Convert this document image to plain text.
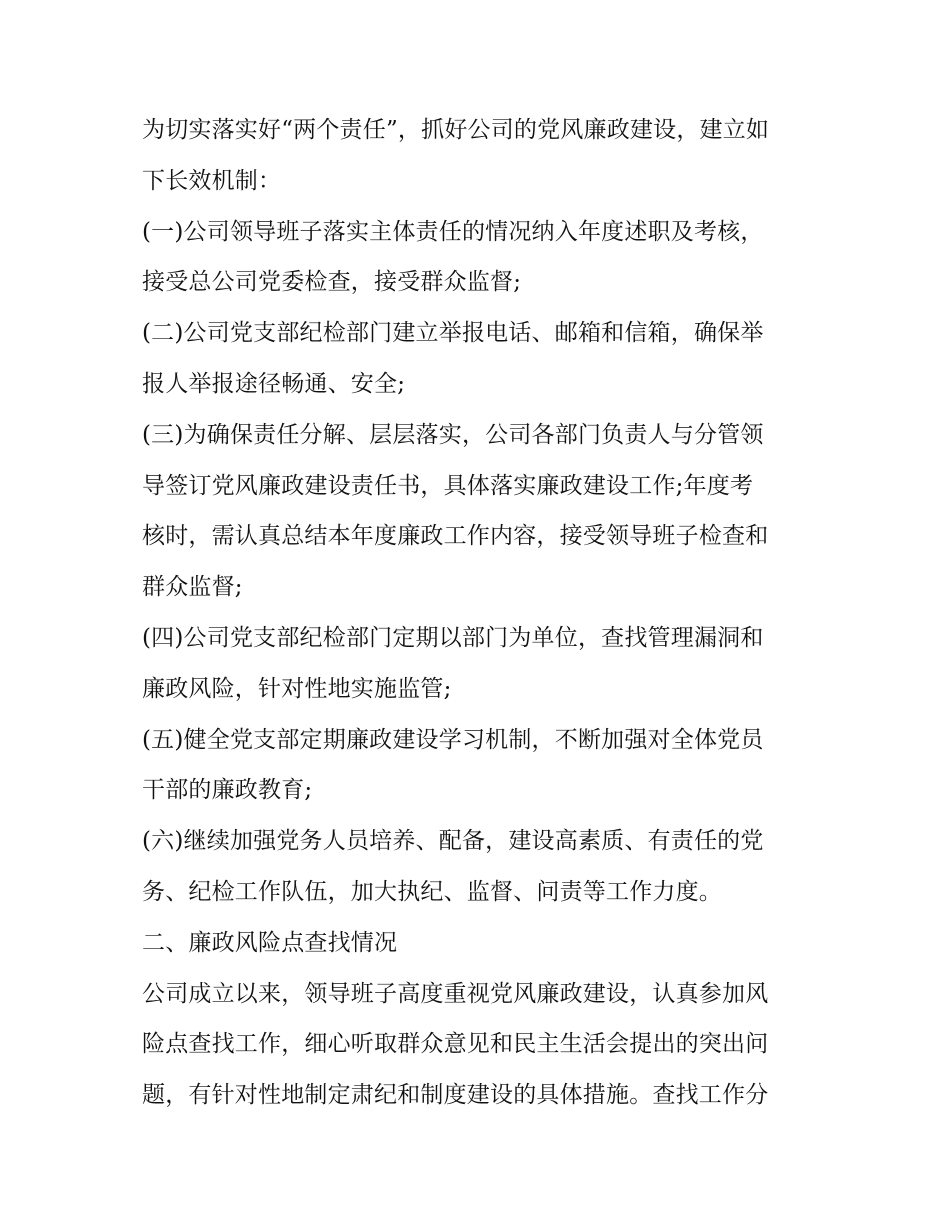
为切实落实好“两个责任”，抓好公司的党风廉政建设，建立如
下长效机制：
(一)公司领导班子落实主体责任的情况纳入年度述职及考核，
接受总公司党委检查，接受群众监督;
(二)公司党支部纪检部门建立举报电话、邮箱和信箱，确保举
报人举报途径畅通、安全;
(三)为确保责任分解、层层落实，公司各部门负责人与分管领
导签订党风廉政建设责任书，具体落实廉政建设工作;年度考
核时，需认真总结本年度廉政工作内容，接受领导班子检查和
群众监督;
(四)公司党支部纪检部门定期以部门为单位，查找管理漏洞和
廉政风险，针对性地实施监管;
(五)健全党支部定期廉政建设学习机制，不断加强对全体党员
干部的廉政教育;
(六)继续加强党务人员培养、配备，建设高素质、有责任的党
务、纪检工作队伍，加大执纪、监督、问责等工作力度。
二、廉政风险点查找情况
公司成立以来，领导班子高度重视党风廉政建设，认真参加风
险点查找工作，细心听取群众意见和民主生活会提出的突出问
题，有针对性地制定肃纪和制度建设的具体措施。查找工作分
